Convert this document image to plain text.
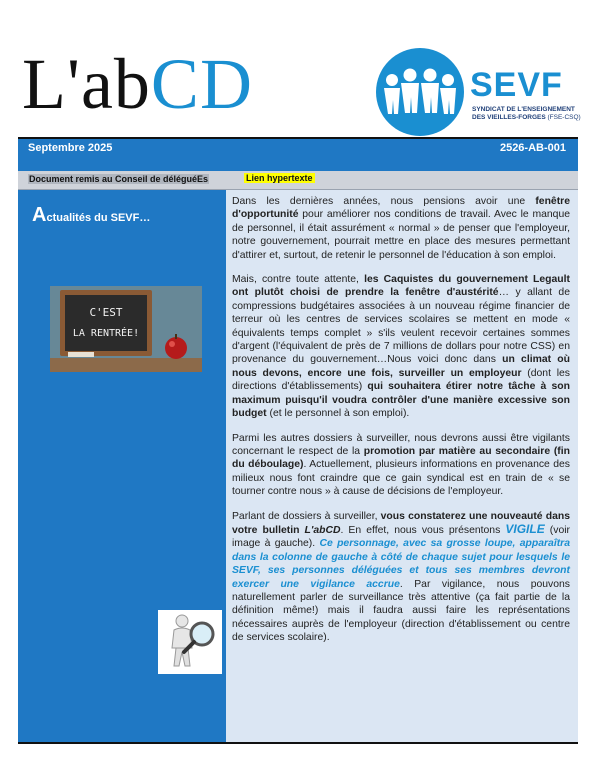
L'abCD	SEVF
SYNDICAT DE L'ENSEIGNEMENT
DES VIEILLES-FORGES (FSE-CSQ)
Septembre 2025	2526-AB-001
Document remis au Conseil de déléguéEs	Lien hypertexte
Actualités du SEVF…
C'EST
LA RENTRÉE!

Dans les dernières années, nous pensions avoir une fenêtre d'opportunité pour améliorer nos conditions de travail. Avec le manque de personnel, il était assurément « normal » de penser que l'employeur, notre gouvernement, pourrait mettre en place des mesures permettant d'attirer et, surtout, de retenir le personnel de l'éducation à son emploi.

Mais, contre toute attente, les Caquistes du gouvernement Legault ont plutôt choisi de prendre la fenêtre d'austérité… y allant de compressions budgétaires associées à un nouveau régime financier de terreur où les centres de services scolaires se mettent en mode « équivalents temps complet » s'ils veulent recevoir certaines sommes d'argent (l'équivalent de près de 7 millions de dollars pour notre CSS) en provenance du gouvernement…Nous voici donc dans un climat où nous devons, encore une fois, surveiller un employeur (dont les directions d'établissements) qui souhaitera étirer notre tâche à son maximum puisqu'il voudra contrôler d'une manière excessive son budget (et le personnel à son emploi).

Parmi les autres dossiers à surveiller, nous devrons aussi être vigilants concernant le respect de la promotion par matière au secondaire (fin du déboulage). Actuellement, plusieurs informations en provenance des milieux nous font craindre que ce gain syndical est en train de « se tourner contre nous » à cause de décisions de l'employeur.

Parlant de dossiers à surveiller, vous constaterez une nouveauté dans votre bulletin L'abCD. En effet, nous vous présentons VIGILE (voir image à gauche). Ce personnage, avec sa grosse loupe, apparaîtra dans la colonne de gauche à côté de chaque sujet pour lesquels le SEVF, ses personnes déléguées et tous ses membres devront exercer une vigilance accrue. Par vigilance, nous pouvons naturellement parler de surveillance très attentive (ça fait partie de la définition même!) mais il faudra aussi faire les représentations nécessaires auprès de l'employeur (direction d'établissement ou centre de services scolaire).
